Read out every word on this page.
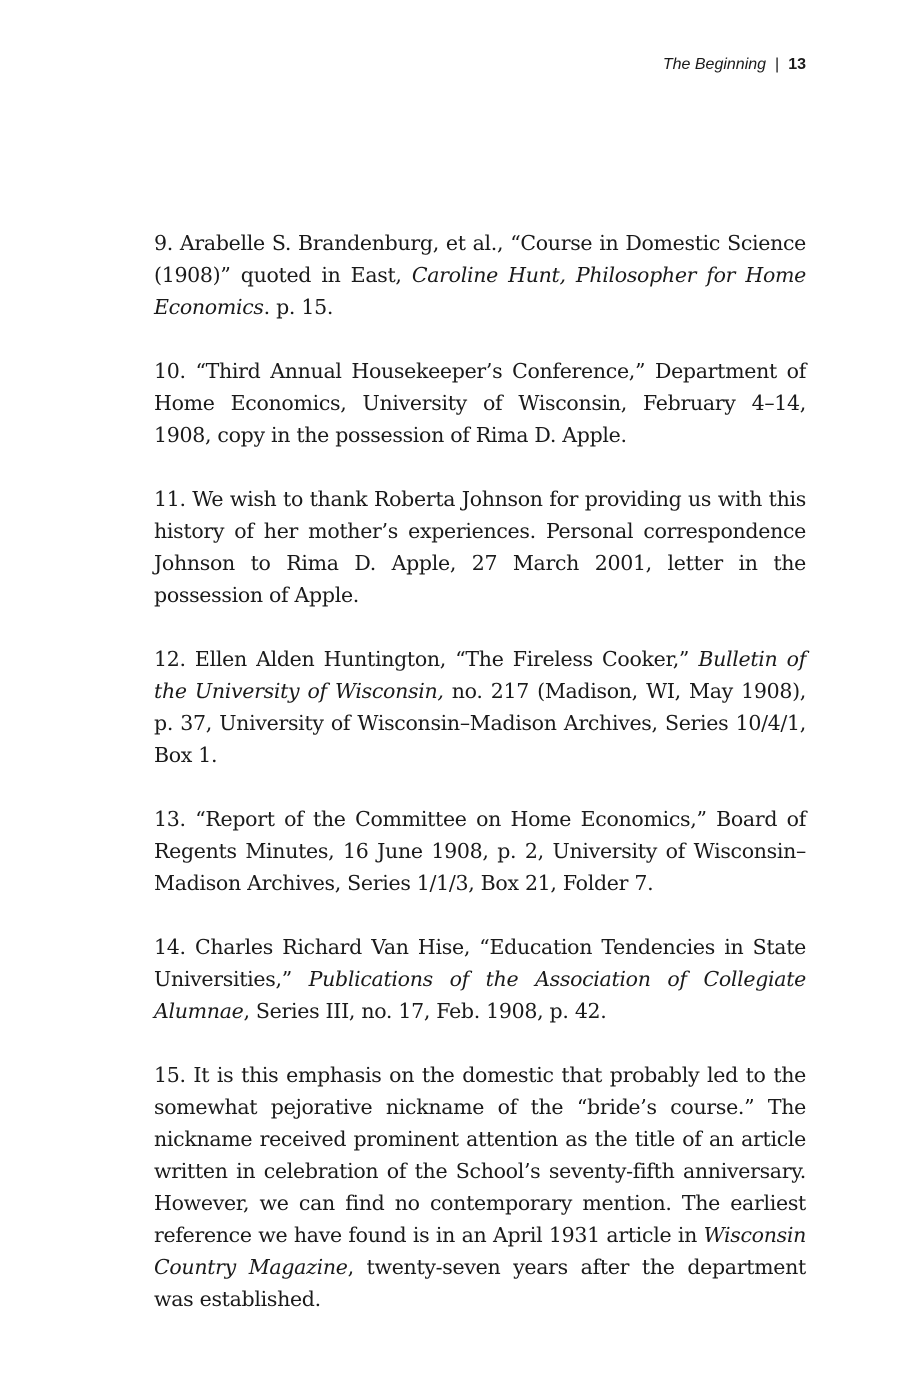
The Beginning | 13

9. Arabelle S. Brandenburg, et al., “Course in Domestic Science (1908)” quoted in East, Caroline Hunt, Philosopher for Home Economics. p. 15.

10. “Third Annual Housekeeper’s Conference,” Department of Home Economics, University of Wisconsin, February 4–14, 1908, copy in the possession of Rima D. Apple.

11. We wish to thank Roberta Johnson for providing us with this history of her mother’s experiences. Personal correspondence Johnson to Rima D. Apple, 27 March 2001, letter in the possession of Apple.

12. Ellen Alden Huntington, “The Fireless Cooker,” Bulletin of the University of Wisconsin, no. 217 (Madison, WI, May 1908), p. 37, University of Wisconsin–Madison Archives, Series 10/4/1, Box 1.

13. “Report of the Committee on Home Economics,” Board of Regents Minutes, 16 June 1908, p. 2, University of Wisconsin–Madison Archives, Series 1/1/3, Box 21, Folder 7.

14. Charles Richard Van Hise, “Education Tendencies in State Universities,” Publications of the Association of Collegiate Alumnae, Series III, no. 17, Feb. 1908, p. 42.

15. It is this emphasis on the domestic that probably led to the somewhat pejorative nickname of the “bride’s course.” The nickname received prominent attention as the title of an article written in celebration of the School’s seventy-fifth anniversary. However, we can find no contemporary mention. The earliest reference we have found is in an April 1931 article in Wisconsin Country Magazine, twenty-seven years after the department was established.
